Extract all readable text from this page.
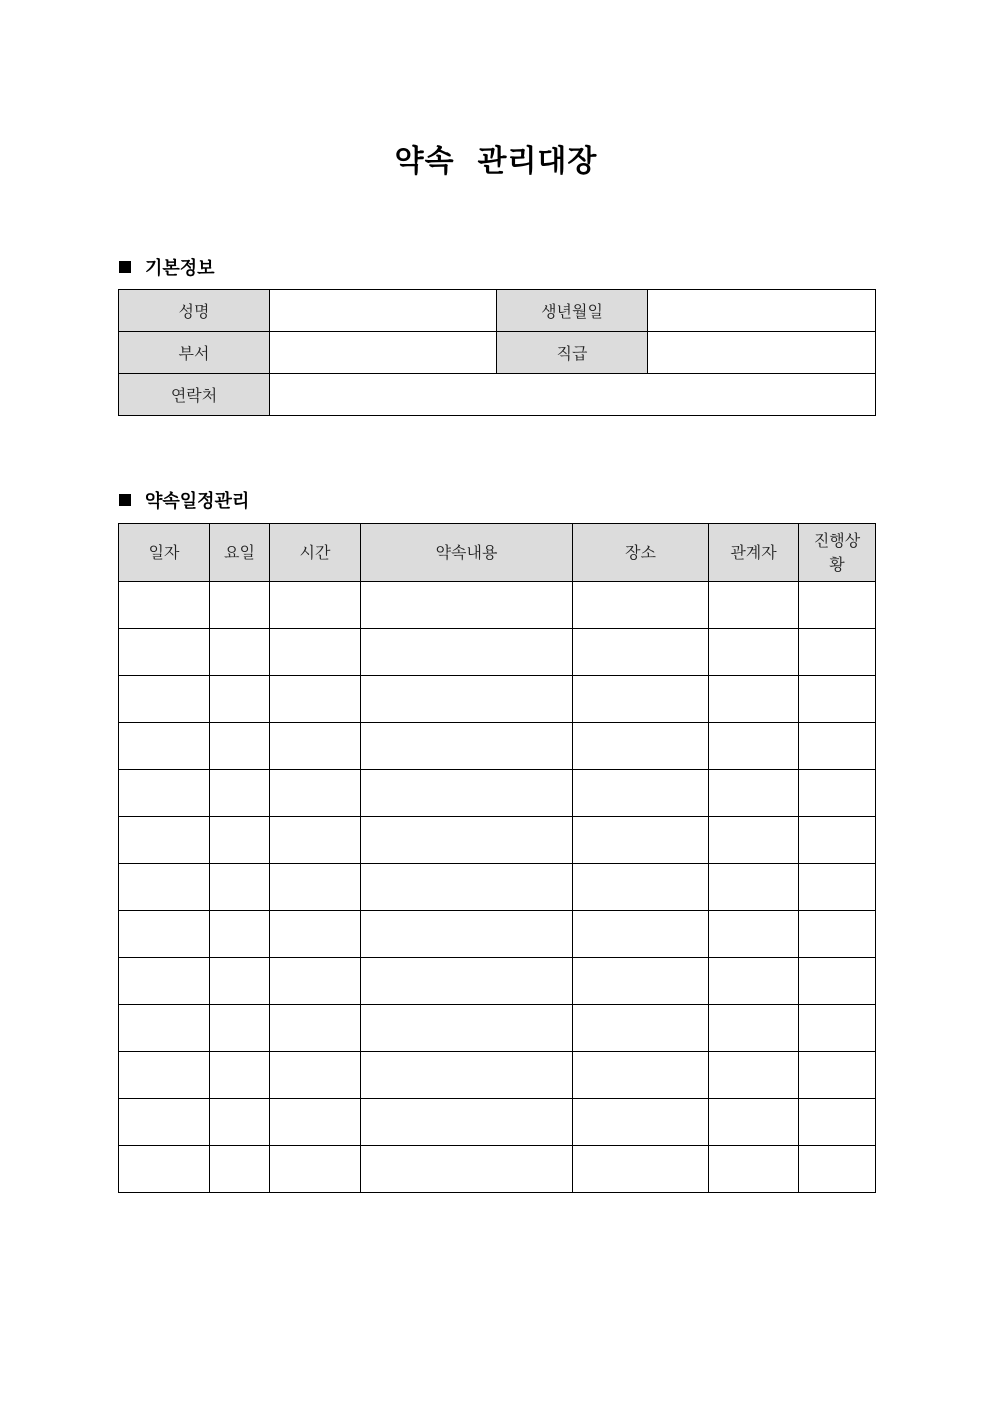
약속  관리대장
기본정보
성명		생년월일	
부서		직급	
연락처			
약속일정관리
일자	요일	시간	약속내용	장소	관계자	진행상황
